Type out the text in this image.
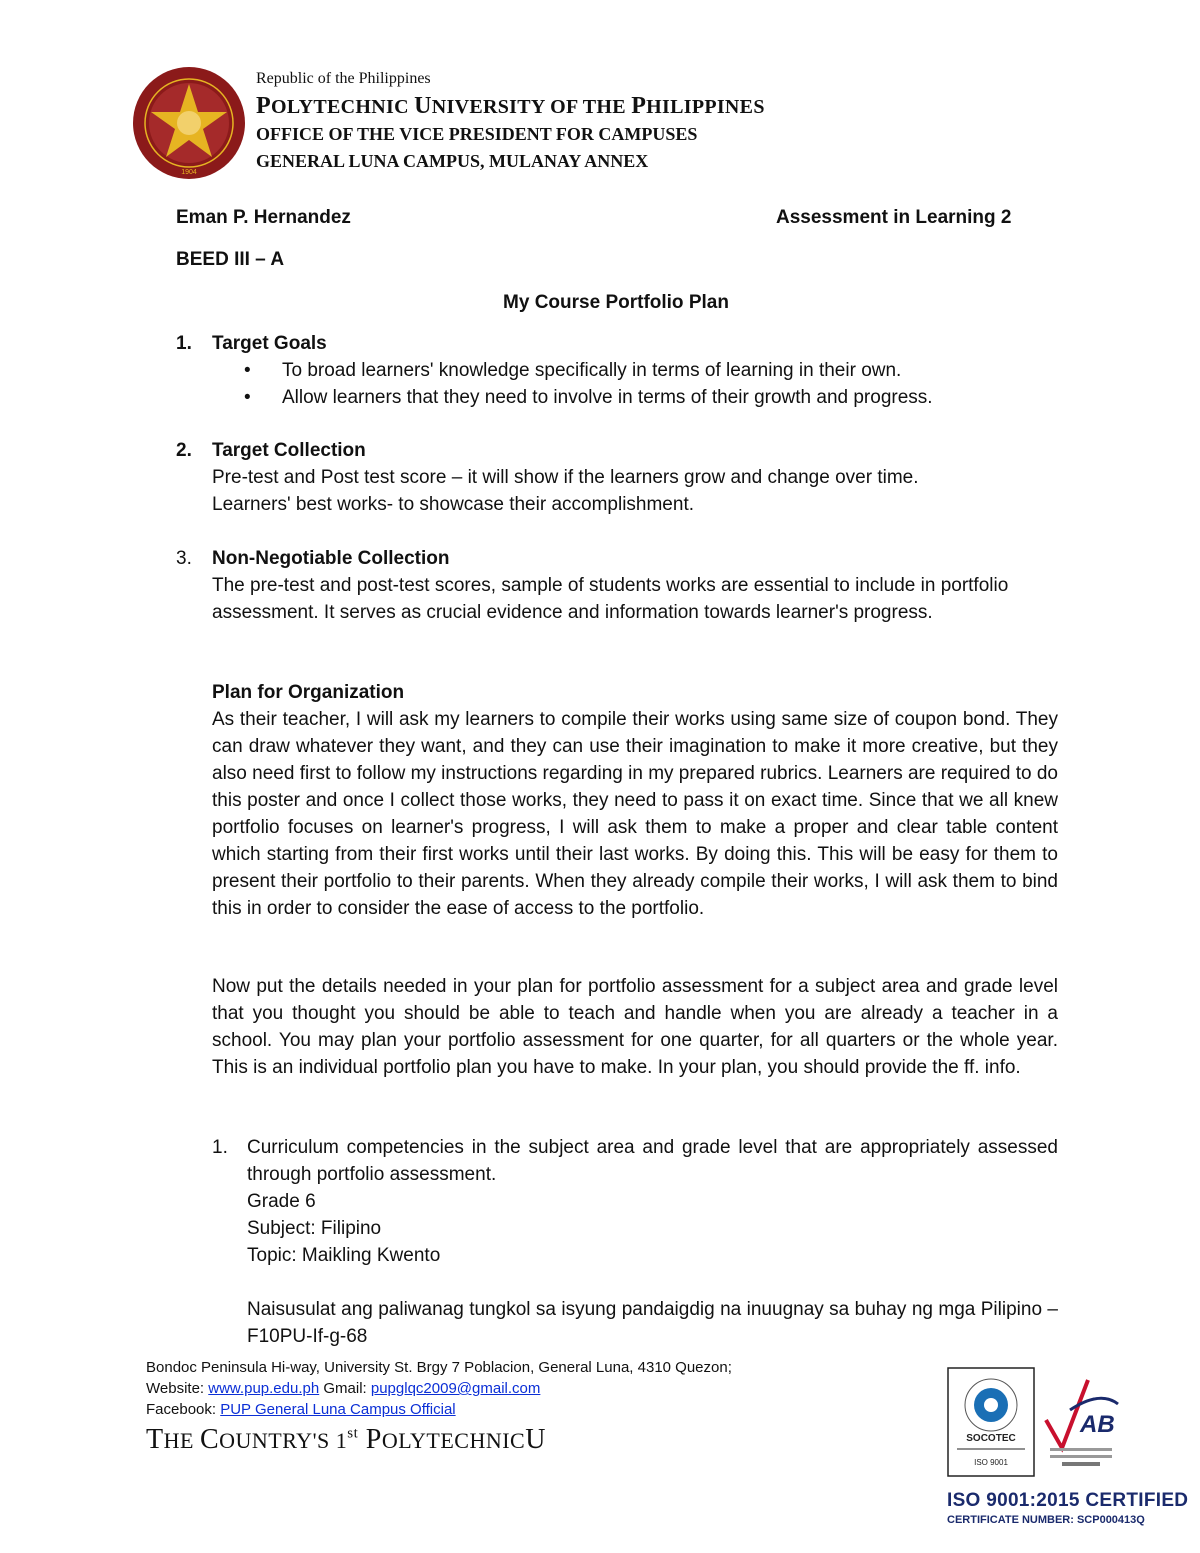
1904
Republic of the Philippines
POLYTECHNIC UNIVERSITY OF THE PHILIPPINES
OFFICE OF THE VICE PRESIDENT FOR CAMPUSES
GENERAL LUNA CAMPUS, MULANAY ANNEX
Eman P. Hernandez	Assessment in Learning 2
BEED III – A
My Course Portfolio Plan
1. Target Goals
• To broad learners' knowledge specifically in terms of learning in their own.
• Allow learners that they need to involve in terms of their growth and progress.
2. Target Collection
Pre-test and Post test score – it will show if the learners grow and change over time.
Learners' best works- to showcase their accomplishment.
3. Non-Negotiable Collection
The pre-test and post-test scores, sample of students works are essential to include in portfolio assessment. It serves as crucial evidence and information towards learner's progress.
Plan for Organization
As their teacher, I will ask my learners to compile their works using same size of coupon bond. They can draw whatever they want, and they can use their imagination to make it more creative, but they also need first to follow my instructions regarding in my prepared rubrics. Learners are required to do this poster and once I collect those works, they need to pass it on exact time. Since that we all knew portfolio focuses on learner's progress, I will ask them to make a proper and clear table content which starting from their first works until their last works. By doing this. This will be easy for them to present their portfolio to their parents. When they already compile their works, I will ask them to bind this in order to consider the ease of access to the portfolio.
Now put the details needed in your plan for portfolio assessment for a subject area and grade level that you thought you should be able to teach and handle when you are already a teacher in a school. You may plan your portfolio assessment for one quarter, for all quarters or the whole year. This is an individual portfolio plan you have to make. In your plan, you should provide the ff. info.
1. Curriculum competencies in the subject area and grade level that are appropriately assessed through portfolio assessment.
Grade 6
Subject: Filipino
Topic: Maikling Kwento
Naisusulat ang paliwanag tungkol sa isyung pandaigdig na inuugnay sa buhay ng mga Pilipino – F10PU-If-g-68
Bondoc Peninsula Hi-way, University St. Brgy 7 Poblacion, General Luna, 4310 Quezon;
Website: www.pup.edu.ph Gmail: pupglqc2009@gmail.com
Facebook: PUP General Luna Campus Official
THE COUNTRY'S 1st POLYTECHNICU	SOCOTEC
ISO 9001
AB
ISO 9001:2015 CERTIFIED
CERTIFICATE NUMBER: SCP000413Q
